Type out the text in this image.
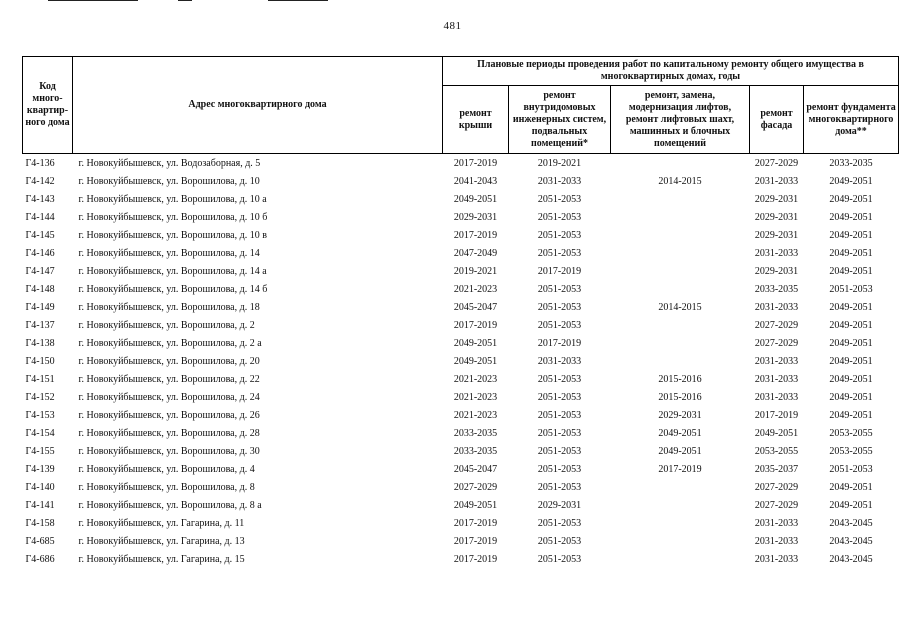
481
Код много-квартир-ного дома	Адрес многоквартирного дома	Плановые периоды проведения работ по капитальному ремонту общего имущества в многоквартирных домах, годы				
		ремонт крыши	ремонт внутридомовых инженерных систем, подвальных помещений*	ремонт, замена, модернизация лифтов, ремонт лифтовых шахт, машинных и блочных помещений	ремонт фасада	ремонт фундамента многоквартирного дома**
Г4-136	г. Новокуйбышевск, ул. Водозаборная, д. 5	2017-2019	2019-2021		2027-2029	2033-2035
Г4-142	г. Новокуйбышевск, ул. Ворошилова, д. 10	2041-2043	2031-2033	2014-2015	2031-2033	2049-2051
Г4-143	г. Новокуйбышевск, ул. Ворошилова, д. 10 а	2049-2051	2051-2053		2029-2031	2049-2051
Г4-144	г. Новокуйбышевск, ул. Ворошилова, д. 10 б	2029-2031	2051-2053		2029-2031	2049-2051
Г4-145	г. Новокуйбышевск, ул. Ворошилова, д. 10 в	2017-2019	2051-2053		2029-2031	2049-2051
Г4-146	г. Новокуйбышевск, ул. Ворошилова, д. 14	2047-2049	2051-2053		2031-2033	2049-2051
Г4-147	г. Новокуйбышевск, ул. Ворошилова, д. 14 а	2019-2021	2017-2019		2029-2031	2049-2051
Г4-148	г. Новокуйбышевск, ул. Ворошилова, д. 14 б	2021-2023	2051-2053		2033-2035	2051-2053
Г4-149	г. Новокуйбышевск, ул. Ворошилова, д. 18	2045-2047	2051-2053	2014-2015	2031-2033	2049-2051
Г4-137	г. Новокуйбышевск, ул. Ворошилова, д. 2	2017-2019	2051-2053		2027-2029	2049-2051
Г4-138	г. Новокуйбышевск, ул. Ворошилова, д. 2 а	2049-2051	2017-2019		2027-2029	2049-2051
Г4-150	г. Новокуйбышевск, ул. Ворошилова, д. 20	2049-2051	2031-2033		2031-2033	2049-2051
Г4-151	г. Новокуйбышевск, ул. Ворошилова, д. 22	2021-2023	2051-2053	2015-2016	2031-2033	2049-2051
Г4-152	г. Новокуйбышевск, ул. Ворошилова, д. 24	2021-2023	2051-2053	2015-2016	2031-2033	2049-2051
Г4-153	г. Новокуйбышевск, ул. Ворошилова, д. 26	2021-2023	2051-2053	2029-2031	2017-2019	2049-2051
Г4-154	г. Новокуйбышевск, ул. Ворошилова, д. 28	2033-2035	2051-2053	2049-2051	2049-2051	2053-2055
Г4-155	г. Новокуйбышевск, ул. Ворошилова, д. 30	2033-2035	2051-2053	2049-2051	2053-2055	2053-2055
Г4-139	г. Новокуйбышевск, ул. Ворошилова, д. 4	2045-2047	2051-2053	2017-2019	2035-2037	2051-2053
Г4-140	г. Новокуйбышевск, ул. Ворошилова, д. 8	2027-2029	2051-2053		2027-2029	2049-2051
Г4-141	г. Новокуйбышевск, ул. Ворошилова, д. 8 а	2049-2051	2029-2031		2027-2029	2049-2051
Г4-158	г. Новокуйбышевск, ул. Гагарина, д. 11	2017-2019	2051-2053		2031-2033	2043-2045
Г4-685	г. Новокуйбышевск, ул. Гагарина, д. 13	2017-2019	2051-2053		2031-2033	2043-2045
Г4-686	г. Новокуйбышевск, ул. Гагарина, д. 15	2017-2019	2051-2053		2031-2033	2043-2045
